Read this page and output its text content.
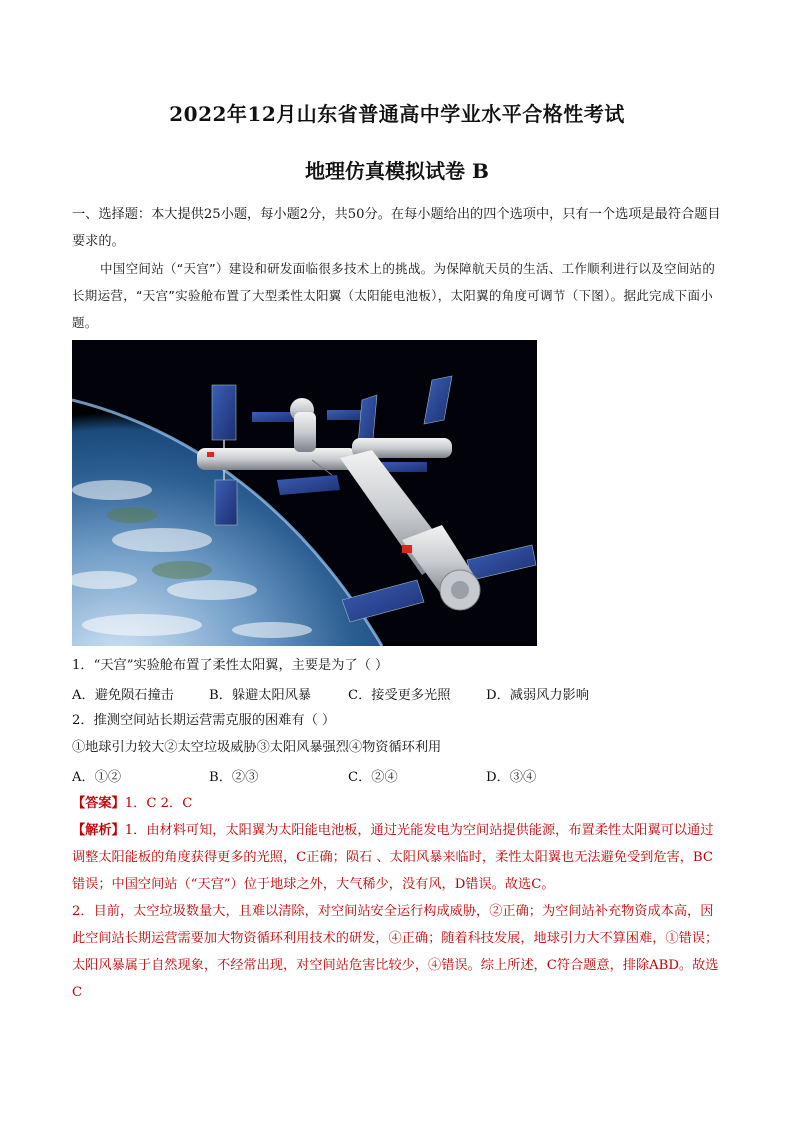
2022年12月山东省普通高中学业水平合格性考试
地理仿真模拟试卷 B
一、选择题：本大提供25小题，每小题2分，共50分。在每小题给出的四个选项中，只有一个选项是最符合题目要求的。
中国空间站（“天宫”）建设和研发面临很多技术上的挑战。为保障航天员的生活、工作顺利进行以及空间站的长期运营，“天宫”实验舱布置了大型柔性太阳翼（太阳能电池板），太阳翼的角度可调节（下图）。据此完成下面小题。
1．“天宫”实验舱布置了柔性太阳翼，主要是为了（ ）
A．避免陨石撞击	B．躲避太阳风暴	C．接受更多光照	D．减弱风力影响
2．推测空间站长期运营需克服的困难有（ ）
①地球引力较大②太空垃圾威胁③太阳风暴强烈④物资循环利用
A．①②	B．②③	C．②④	D．③④
【答案】1．C 2．C
【解析】1．由材料可知，太阳翼为太阳能电池板，通过光能发电为空间站提供能源，布置柔性太阳翼可以通过调整太阳能板的角度获得更多的光照，C正确；陨石 、太阳风暴来临时，柔性太阳翼也无法避免受到危害，BC错误；中国空间站（“天宫”）位于地球之外，大气稀少，没有风，D错误。故选C。
2．目前，太空垃圾数量大，且难以清除，对空间站安全运行构成威胁，②正确；为空间站补充物资成本高，因此空间站长期运营需要加大物资循环利用技术的研发，④正确；随着科技发展，地球引力大不算困难，①错误；太阳风暴属于自然现象，不经常出现，对空间站危害比较少，④错误。综上所述，C符合题意，排除ABD。故选C
